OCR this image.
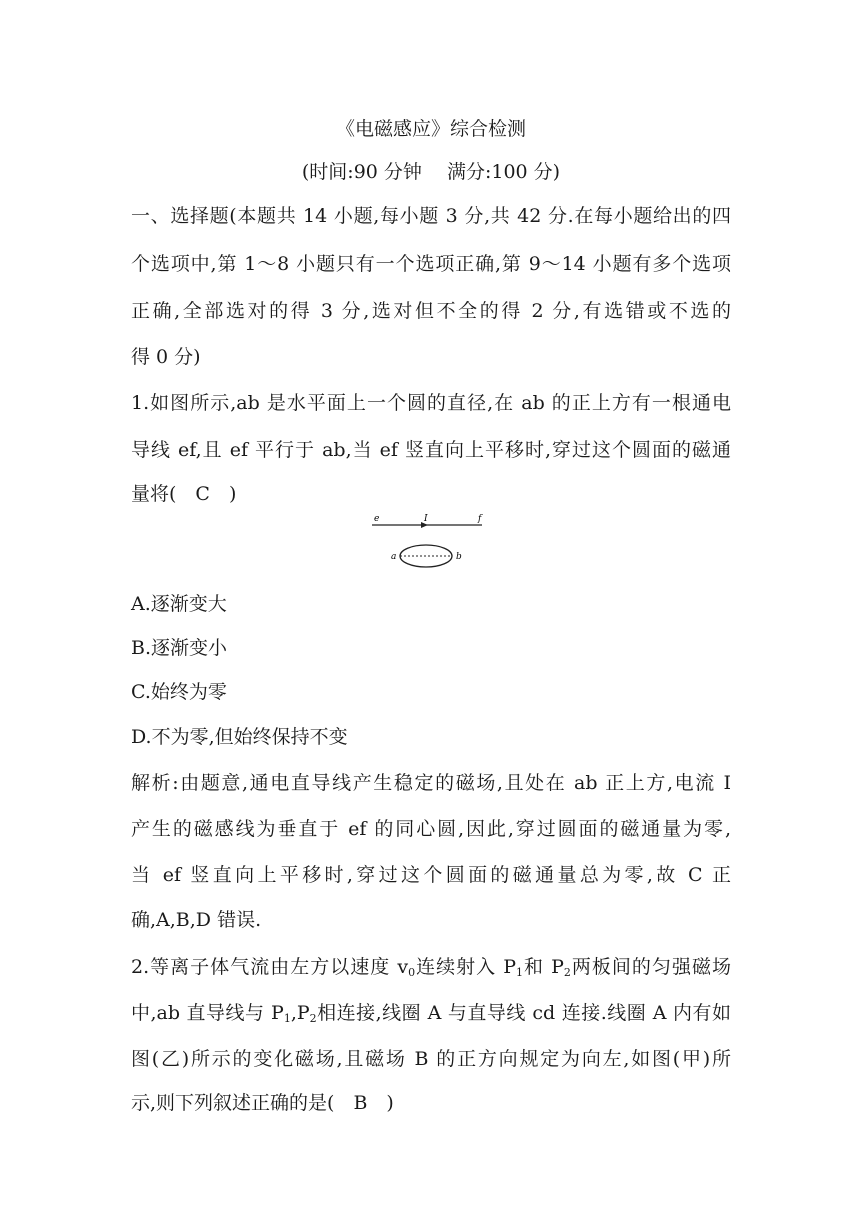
《电磁感应》综合检测
(时间:90 分钟　 满分:100 分)
一、选择题(本题共 14 小题,每小题 3 分,共 42 分.在每小题给出的四
个选项中,第 1～8 小题只有一个选项正确,第 9～14 小题有多个选项
正确,全部选对的得 3 分,选对但不全的得 2 分,有选错或不选的
得 0 分)
1.如图所示,ab 是水平面上一个圆的直径,在 ab 的正上方有一根通电
导线 ef,且 ef 平行于 ab,当 ef 竖直向上平移时,穿过这个圆面的磁通
量将( C )
e	I	f
a	b
A.逐渐变大
B.逐渐变小
C.始终为零
D.不为零,但始终保持不变
解析:由题意,通电直导线产生稳定的磁场,且处在 ab 正上方,电流 I
产生的磁感线为垂直于 ef 的同心圆,因此,穿过圆面的磁通量为零,
当 ef 竖直向上平移时,穿过这个圆面的磁通量总为零,故 C 正
确,A,B,D 错误.
2.等离子体气流由左方以速度 $v_0$连续射入 $P_1$和 $P_2$两板间的匀强磁场
中,ab 直导线与 $P_1,P_2$相连接,线圈 A 与直导线 cd 连接.线圈 A 内有如
图(乙)所示的变化磁场,且磁场 B 的正方向规定为向左,如图(甲)所
示,则下列叙述正确的是( B )
